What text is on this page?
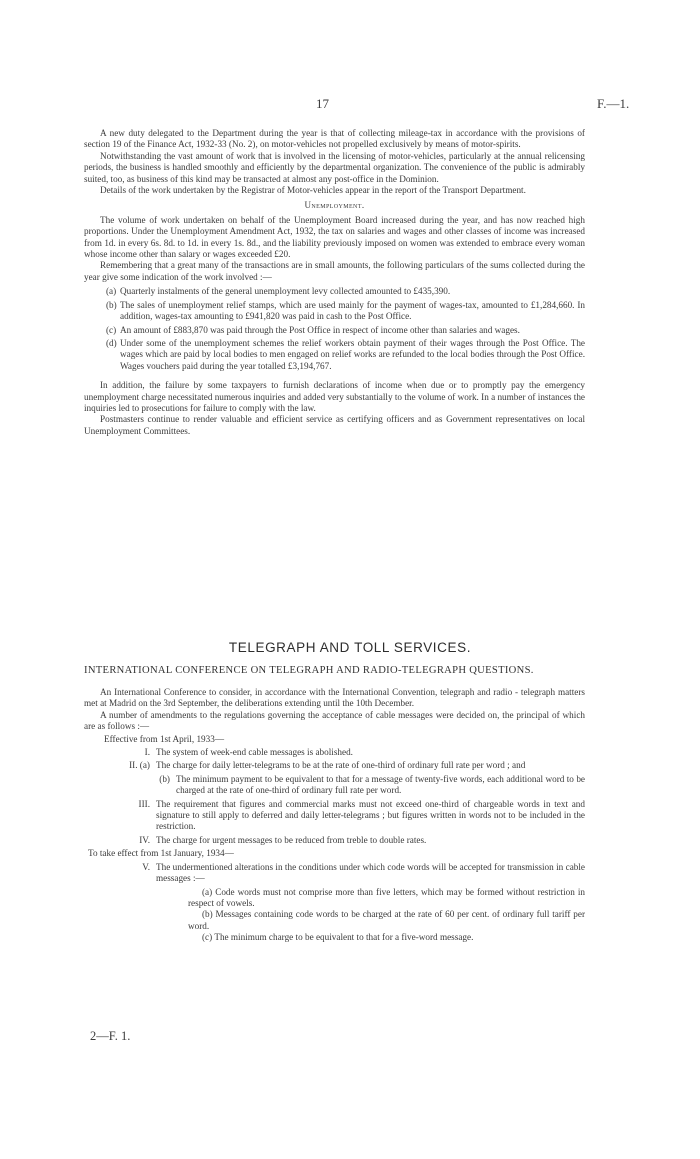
17	F.—1.

A new duty delegated to the Department during the year is that of collecting mileage-tax in accordance with the provisions of section 19 of the Finance Act, 1932-33 (No. 2), on motor-vehicles not propelled exclusively by means of motor-spirits.

Notwithstanding the vast amount of work that is involved in the licensing of motor-vehicles, particularly at the annual relicensing periods, the business is handled smoothly and efficiently by the departmental organization. The convenience of the public is admirably suited, too, as business of this kind may be transacted at almost any post-office in the Dominion.

Details of the work undertaken by the Registrar of Motor-vehicles appear in the report of the Transport Department.

Unemployment.

The volume of work undertaken on behalf of the Unemployment Board increased during the year, and has now reached high proportions. Under the Unemployment Amendment Act, 1932, the tax on salaries and wages and other classes of income was increased from 1d. in every 6s. 8d. to 1d. in every 1s. 8d., and the liability previously imposed on women was extended to embrace every woman whose income other than salary or wages exceeded £20.

Remembering that a great many of the transactions are in small amounts, the following particulars of the sums collected during the year give some indication of the work involved :—

(a) Quarterly instalments of the general unemployment levy collected amounted to £435,390.

(b) The sales of unemployment relief stamps, which are used mainly for the payment of wages-tax, amounted to £1,284,660. In addition, wages-tax amounting to £941,820 was paid in cash to the Post Office.

(c) An amount of £883,870 was paid through the Post Office in respect of income other than salaries and wages.

(d) Under some of the unemployment schemes the relief workers obtain payment of their wages through the Post Office. The wages which are paid by local bodies to men engaged on relief works are refunded to the local bodies through the Post Office. Wages vouchers paid during the year totalled £3,194,767.

In addition, the failure by some taxpayers to furnish declarations of income when due or to promptly pay the emergency unemployment charge necessitated numerous inquiries and added very substantially to the volume of work. In a number of instances the inquiries led to prosecutions for failure to comply with the law.

Postmasters continue to render valuable and efficient service as certifying officers and as Government representatives on local Unemployment Committees.

TELEGRAPH AND TOLL SERVICES.
INTERNATIONAL CONFERENCE ON TELEGRAPH AND RADIO-TELEGRAPH QUESTIONS.

An International Conference to consider, in accordance with the International Convention, telegraph and radio - telegraph matters met at Madrid on the 3rd September, the deliberations extending until the 10th December.

A number of amendments to the regulations governing the acceptance of cable messages were decided on, the principal of which are as follows :—

Effective from 1st April, 1933—

I. The system of week-end cable messages is abolished.

II. (a) The charge for daily letter-telegrams to be at the rate of one-third of ordinary full rate per word ; and

(b) The minimum payment to be equivalent to that for a message of twenty-five words, each additional word to be charged at the rate of one-third of ordinary full rate per word.

III. The requirement that figures and commercial marks must not exceed one-third of chargeable words in text and signature to still apply to deferred and daily letter-telegrams ; but figures written in words not to be included in the restriction.

IV. The charge for urgent messages to be reduced from treble to double rates.

To take effect from 1st January, 1934—

V. The undermentioned alterations in the conditions under which code words will be accepted for transmission in cable messages :—

(a) Code words must not comprise more than five letters, which may be formed without restriction in respect of vowels.

(b) Messages containing code words to be charged at the rate of 60 per cent. of ordinary full tariff per word.

(c) The minimum charge to be equivalent to that for a five-word message.

2—F. 1.
